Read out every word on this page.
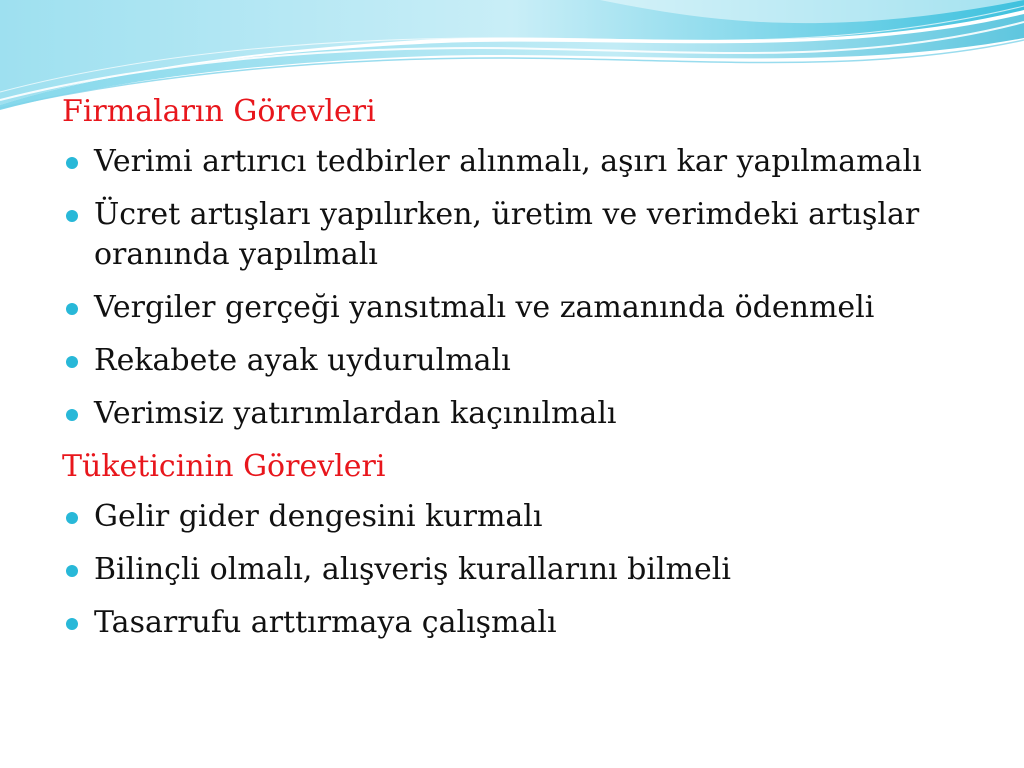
Firmaların Görevleri
Verimi artırıcı tedbirler alınmalı, aşırı kar yapılmamalı
Ücret artışları yapılırken, üretim ve verimdeki artışlar oranında yapılmalı
Vergiler gerçeği yansıtmalı ve zamanında ödenmeli
Rekabete ayak uydurulmalı
Verimsiz yatırımlardan kaçınılmalı
Tüketicinin Görevleri
Gelir gider dengesini kurmalı
Bilinçli olmalı, alışveriş kurallarını bilmeli
Tasarrufu arttırmaya çalışmalı
